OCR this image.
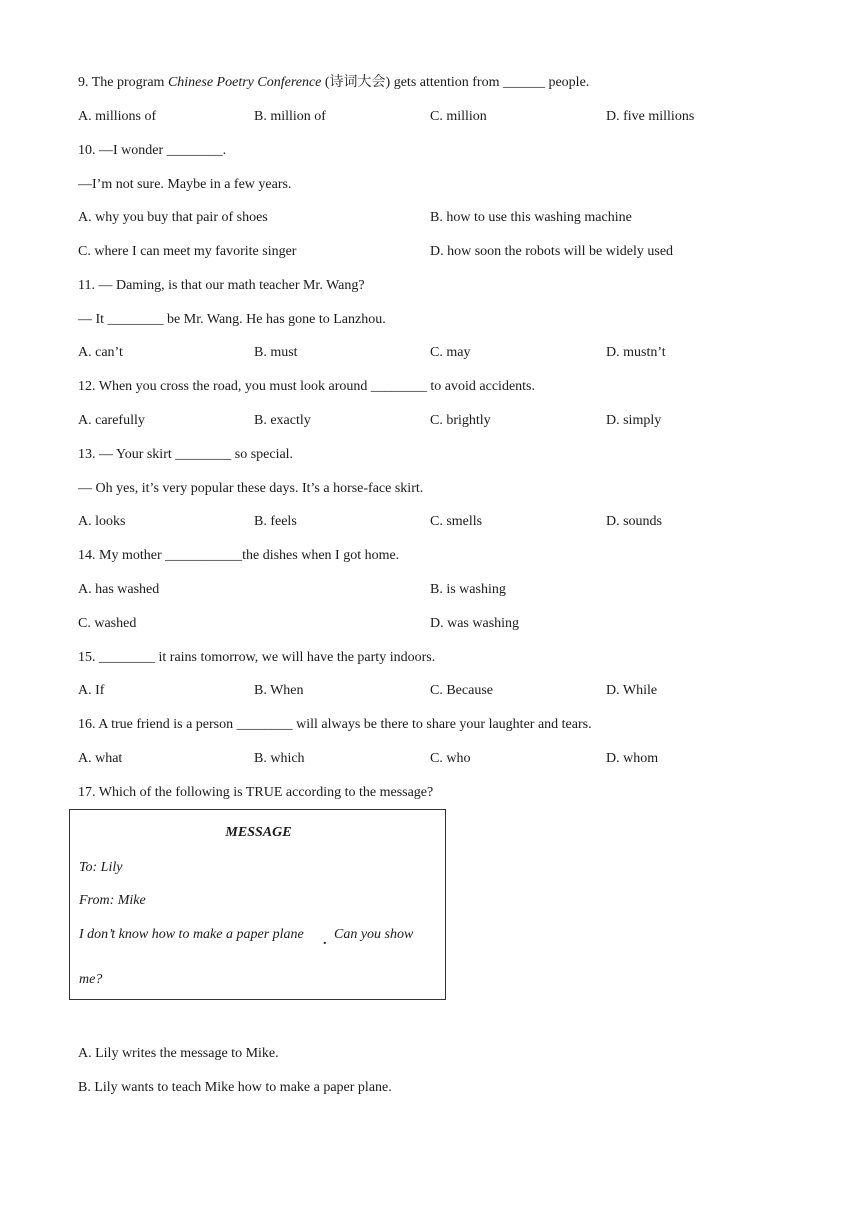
9. The program Chinese Poetry Conference (诗词大会) gets attention from ______ people.
A. millions of	B. million of	C. million	D. five millions
10. —I wonder ________.
—I’m not sure. Maybe in a few years.
A. why you buy that pair of shoes	B. how to use this washing machine
C. where I can meet my favorite singer	D. how soon the robots will be widely used
11. — Daming, is that our math teacher Mr. Wang?
— It ________ be Mr. Wang. He has gone to Lanzhou.
A. can’t	B. must	C. may	D. mustn’t
12. When you cross the road, you must look around ________ to avoid accidents.
A. carefully	B. exactly	C. brightly	D. simply
13. — Your skirt ________ so special.
— Oh yes, it’s very popular these days. It’s a horse-face skirt.
A. looks	B. feels	C. smells	D. sounds
14. My mother ___________the dishes when I got home.
A. has washed	B. is washing
C. washed	D. was washing
15. ________ it rains tomorrow, we will have the party indoors.
A. If	B. When	C. Because	D. While
16. A true friend is a person ________ will always be there to share your laughter and tears.
A. what	B. which	C. who	D. whom
17. Which of the following is TRUE according to the message?
MESSAGE
To: Lily
From: Mike
I don’t know how to make a paper plane . Can you show
me?
A. Lily writes the message to Mike.
B. Lily wants to teach Mike how to make a paper plane.
